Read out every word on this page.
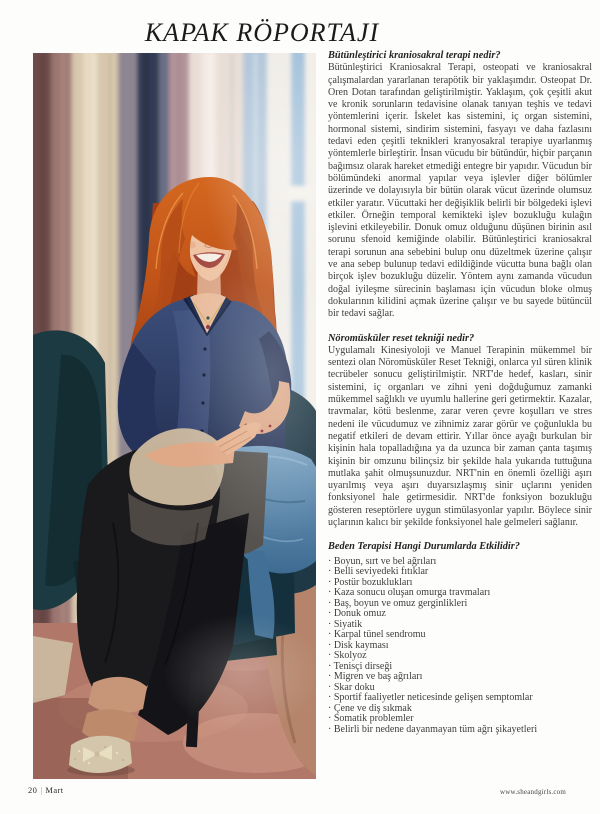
KAPAK RÖPORTAJI
Bütünleştirici kraniosakral terapi nedir?
Bütünleştirici Kraniosakral Terapi, osteopati ve kraniosakral çalışmalardan yararlanan terapötik bir yaklaşımdır. Osteopat Dr. Oren Dotan tarafından geliştirilmiştir. Yaklaşım, çok çeşitli akut ve kronik sorunların tedavisine olanak tanıyan teşhis ve tedavi yöntemlerini içerir. İskelet kas sistemini, iç organ sistemini, hormonal sistemi, sindirim sistemini, fasyayı ve daha fazlasını tedavi eden çeşitli teknikleri kranyosakral terapiye uyarlanmış yöntemlerle birleştirir. İnsan vücudu bir bütündür, hiçbir parçanın bağımsız olarak hareket etmediği entegre bir yapıdır. Vücudun bir bölümündeki anormal yapılar veya işlevler diğer bölümler üzerinde ve dolayısıyla bir bütün olarak vücut üzerinde olumsuz etkiler yaratır. Vücuttaki her değişiklik belirli bir bölgedeki işlevi etkiler. Örneğin temporal kemikteki işlev bozukluğu kulağın işlevini etkileyebilir. Donuk omuz olduğunu düşünen birinin asıl sorunu sfenoid kemiğinde olabilir. Bütünleştirici kraniosakral terapi sorunun ana sebebini bulup onu düzeltmek üzerine çalışır ve ana sebep bulunup tedavi edildiğinde vücutta buna bağlı olan birçok işlev bozukluğu düzelir. Yöntem aynı zamanda vücudun doğal iyileşme sürecinin başlaması için vücudun bloke olmuş dokularının kilidini açmak üzerine çalışır ve bu sayede bütüncül bir tedavi sağlar.
Nöromüsküler reset tekniği nedir?
Uygulamalı Kinesiyoloji ve Manuel Terapinin mükemmel bir sentezi olan Nöromüsküler Reset Tekniği, onlarca yıl süren klinik tecrübeler sonucu geliştirilmiştir. NRT'de hedef, kasları, sinir sistemini, iç organları ve zihni yeni doğduğumuz zamanki mükemmel sağlıklı ve uyumlu hallerine geri getirmektir. Kazalar, travmalar, kötü beslenme, zarar veren çevre koşulları ve stres nedeni ile vücudumuz ve zihnimiz zarar görür ve çoğunlukla bu negatif etkileri de devam ettirir. Yıllar önce ayağı burkulan bir kişinin hala topalladığına ya da uzunca bir zaman çanta taşımış kişinin bir omzunu bilinçsiz bir şekilde hala yukarıda tuttuğuna mutlaka şahit olmuşsunuzdur. NRT'nin en önemli özelliği aşırı uyarılmış veya aşırı duyarsızlaşmış sinir uçlarını yeniden fonksiyonel hale getirmesidir. NRT'de fonksiyon bozukluğu gösteren reseptörlere uygun stimülasyonlar yapılır. Böylece sinir uçlarının kalıcı bir şekilde fonksiyonel hale gelmeleri sağlanır.
Beden Terapisi Hangi Durumlarda Etkilidir?
· Boyun, sırt ve bel ağrıları
· Belli seviyedeki fıtıklar
· Postür bozuklukları
· Kaza sonucu oluşan omurga travmaları
· Baş, boyun ve omuz gerginlikleri
· Donuk omuz
· Siyatik
· Karpal tünel sendromu
· Disk kayması
· Skolyoz
· Tenisçi dirseği
· Migren ve baş ağrıları
· Skar doku
· Sportif faaliyetler neticesinde gelişen semptomlar
· Çene ve diş sıkmak
· Somatik problemler
· Belirli bir nedene dayanmayan tüm ağrı şikayetleri
20 | Mart	www.sheandgirls.com
